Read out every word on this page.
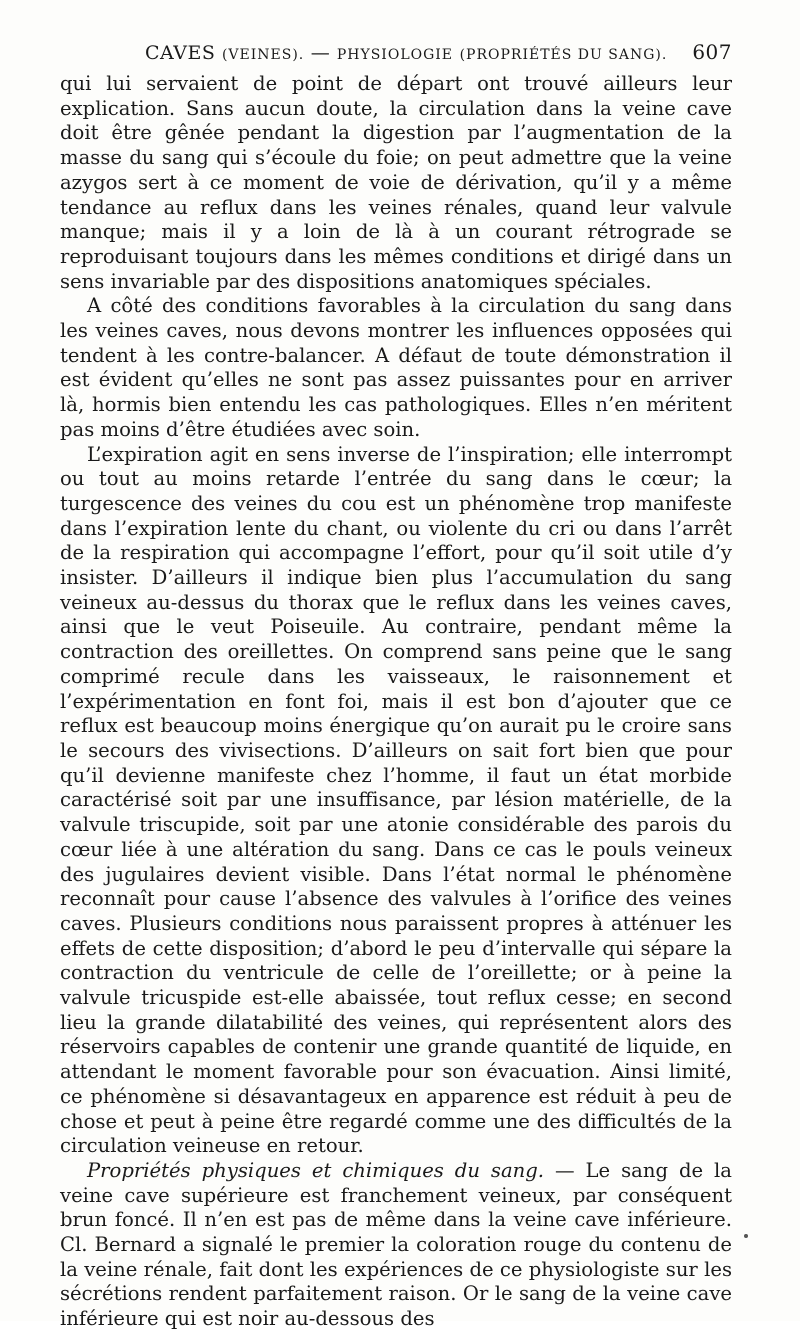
CAVES (VEINES). — PHYSIOLOGIE (PROPRIÉTÉS DU SANG).	607

qui lui servaient de point de départ ont trouvé ailleurs leur explication. Sans aucun doute, la circulation dans la veine cave doit être gênée pendant la digestion par l’augmentation de la masse du sang qui s’écoule du foie; on peut admettre que la veine azygos sert à ce moment de voie de dérivation, qu’il y a même tendance au reflux dans les veines rénales, quand leur valvule manque; mais il y a loin de là à un courant rétrograde se reproduisant toujours dans les mêmes conditions et dirigé dans un sens invariable par des dispositions anatomiques spéciales.

A côté des conditions favorables à la circulation du sang dans les veines caves, nous devons montrer les influences opposées qui tendent à les contre-balancer. A défaut de toute démonstration il est évident qu’elles ne sont pas assez puissantes pour en arriver là, hormis bien entendu les cas pathologiques. Elles n’en méritent pas moins d’être étudiées avec soin.

L’expiration agit en sens inverse de l’inspiration; elle interrompt ou tout au moins retarde l’entrée du sang dans le cœur; la turgescence des veines du cou est un phénomène trop manifeste dans l’expiration lente du chant, ou violente du cri ou dans l’arrêt de la respiration qui accompagne l’effort, pour qu’il soit utile d’y insister. D’ailleurs il indique bien plus l’accumulation du sang veineux au-dessus du thorax que le reflux dans les veines caves, ainsi que le veut Poiseuile. Au contraire, pendant même la contraction des oreillettes. On comprend sans peine que le sang comprimé recule dans les vaisseaux, le raisonnement et l’expérimentation en font foi, mais il est bon d’ajouter que ce reflux est beaucoup moins énergique qu’on aurait pu le croire sans le secours des vivisections. D’ailleurs on sait fort bien que pour qu’il devienne manifeste chez l’homme, il faut un état morbide caractérisé soit par une insuffisance, par lésion matérielle, de la valvule triscupide, soit par une atonie considérable des parois du cœur liée à une altération du sang. Dans ce cas le pouls veineux des jugulaires devient visible. Dans l’état normal le phénomène reconnaît pour cause l’absence des valvules à l’orifice des veines caves. Plusieurs conditions nous paraissent propres à atténuer les effets de cette disposition; d’abord le peu d’intervalle qui sépare la contraction du ventricule de celle de l’oreillette; or à peine la valvule tricuspide est-elle abaissée, tout reflux cesse; en second lieu la grande dilatabilité des veines, qui représentent alors des réservoirs capables de contenir une grande quantité de liquide, en attendant le moment favorable pour son évacuation. Ainsi limité, ce phénomène si désavantageux en apparence est réduit à peu de chose et peut à peine être regardé comme une des difficultés de la circulation veineuse en retour.

Propriétés physiques et chimiques du sang. — Le sang de la veine cave supérieure est franchement veineux, par conséquent brun foncé. Il n’en est pas de même dans la veine cave inférieure. Cl. Bernard a signalé le premier la coloration rouge du contenu de la veine rénale, fait dont les expériences de ce physiologiste sur les sécrétions rendent parfaitement raison. Or le sang de la veine cave inférieure qui est noir au-dessous des
